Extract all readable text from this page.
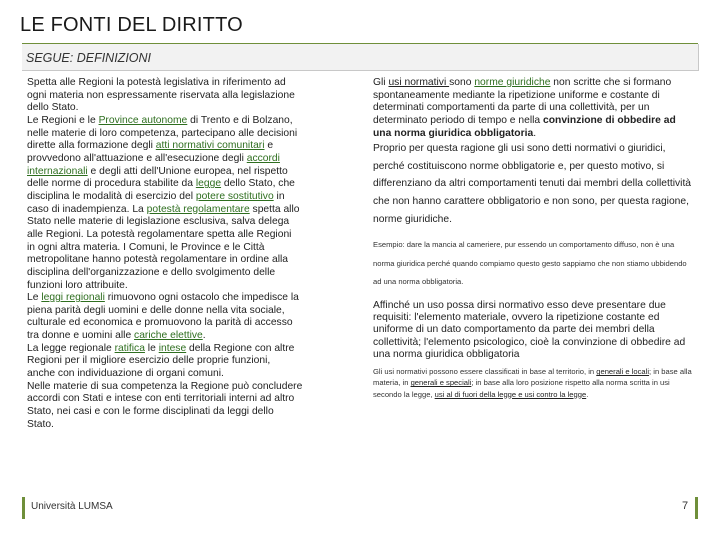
LE FONTI DEL DIRITTO
SEGUE: DEFINIZIONI
Spetta alle Regioni la potestà legislativa in riferimento ad
ogni materia non espressamente riservata alla legislazione
dello Stato.
Le Regioni e le Province autonome di Trento e di Bolzano,
nelle materie di loro competenza, partecipano alle decisioni
dirette alla formazione degli atti normativi comunitari e
provvedono all'attuazione e all'esecuzione degli accordi
internazionali e degli atti dell'Unione europea, nel rispetto
delle norme di procedura stabilite da legge dello Stato, che
disciplina le modalità di esercizio del potere sostitutivo in
caso di inadempienza. La potestà regolamentare spetta allo
Stato nelle materie di legislazione esclusiva, salva delega
alle Regioni. La potestà regolamentare spetta alle Regioni
in ogni altra materia. I Comuni, le Province e le Città
metropolitane hanno potestà regolamentare in ordine alla
disciplina dell'organizzazione e dello svolgimento delle
funzioni loro attribuite.
Le leggi regionali rimuovono ogni ostacolo che impedisce la
piena parità degli uomini e delle donne nella vita sociale,
culturale ed economica e promuovono la parità di accesso
tra donne e uomini alle cariche elettive.
La legge regionale ratifica le intese della Regione con altre
Regioni per il migliore esercizio delle proprie funzioni,
anche con individuazione di organi comuni.
Nelle materie di sua competenza la Regione può concludere
accordi con Stati e intese con enti territoriali interni ad altro
Stato, nei casi e con le forme disciplinati da leggi dello
Stato.

Gli usi normativi sono norme giuridiche non scritte che si formano spontaneamente mediante la ripetizione uniforme e costante di determinati comportamenti da parte di una collettività, per un determinato periodo di tempo e nella convinzione di obbedire ad una norma giuridica obbligatoria.

Proprio per questa ragione gli usi sono detti normativi o giuridici, perché costituiscono norme obbligatorie e, per questo motivo, si differenziano da altri comportamenti tenuti dai membri della collettività che non hanno carattere obbligatorio e non sono, per questa ragione, norme giuridiche.

Esempio: dare la mancia al cameriere, pur essendo un comportamento diffuso, non è una norma giuridica perché quando compiamo questo gesto sappiamo che non stiamo ubbidendo ad una norma obbligatoria.

Affinché un uso possa dirsi normativo esso deve presentare due requisiti: l'elemento materiale, ovvero la ripetizione costante ed uniforme di un dato comportamento da parte dei membri della collettività; l'elemento psicologico, cioè la convinzione di obbedire ad una norma giuridica obbligatoria

Gli usi normativi possono essere classificati in base al territorio, in generali e locali; in base alla materia, in generali e speciali; in base alla loro posizione rispetto alla norma scritta in usi secondo la legge, usi al di fuori della legge e usi contro la legge.

Università LUMSA	7
